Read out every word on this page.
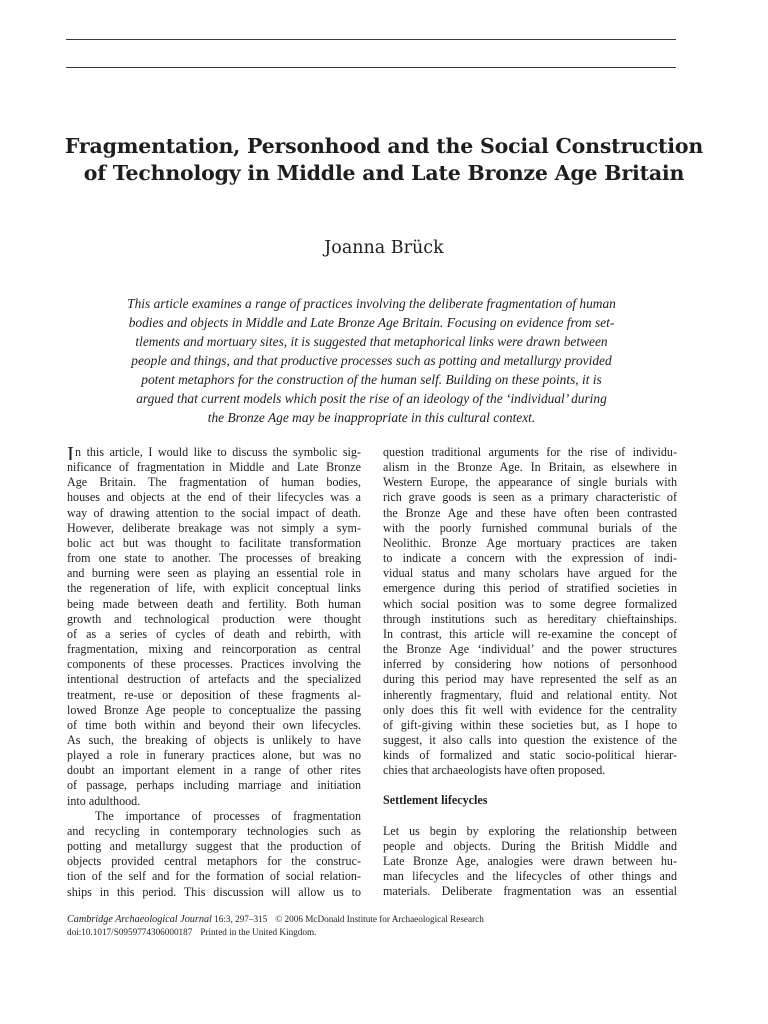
Fragmentation, Personhood and the Social Construction
of Technology in Middle and Late Bronze Age Britain
Joanna Brück
This article examines a range of practices involving the deliberate fragmentation of human
bodies and objects in Middle and Late Bronze Age Britain. Focusing on evidence from set-
tlements and mortuary sites, it is suggested that metaphorical links were drawn between
people and things, and that productive processes such as potting and metallurgy provided
potent metaphors for the construction of the human self. Building on these points, it is
argued that current models which posit the rise of an ideology of the ‘individual’ during
the Bronze Age may be inappropriate in this cultural context.
In this article, I would like to discuss the symbolic sig-
nificance of fragmentation in Middle and Late Bronze
Age Britain. The fragmentation of human bodies,
houses and objects at the end of their lifecycles was a
way of drawing attention to the social impact of death.
However, deliberate breakage was not simply a sym-
bolic act but was thought to facilitate transformation
from one state to another. The processes of breaking
and burning were seen as playing an essential role in
the regeneration of life, with explicit conceptual links
being made between death and fertility. Both human
growth and technological production were thought
of as a series of cycles of death and rebirth, with
fragmentation, mixing and reincorporation as central
components of these processes. Practices involving the
intentional destruction of artefacts and the specialized
treatment, re-use or deposition of these fragments al-
lowed Bronze Age people to conceptualize the passing
of time both within and beyond their own lifecycles.
As such, the breaking of objects is unlikely to have
played a role in funerary practices alone, but was no
doubt an important element in a range of other rites
of passage, perhaps including marriage and initiation
into adulthood.
The importance of processes of fragmentation
and recycling in contemporary technologies such as
potting and metallurgy suggest that the production of
objects provided central metaphors for the construc-
tion of the self and for the formation of social relation-
ships in this period. This discussion will allow us to
question traditional arguments for the rise of individu-
alism in the Bronze Age. In Britain, as elsewhere in
Western Europe, the appearance of single burials with
rich grave goods is seen as a primary characteristic of
the Bronze Age and these have often been contrasted
with the poorly furnished communal burials of the
Neolithic. Bronze Age mortuary practices are taken
to indicate a concern with the expression of indi-
vidual status and many scholars have argued for the
emergence during this period of stratified societies in
which social position was to some degree formalized
through institutions such as hereditary chieftainships.
In contrast, this article will re-examine the concept of
the Bronze Age ‘individual’ and the power structures
inferred by considering how notions of personhood
during this period may have represented the self as an
inherently fragmentary, fluid and relational entity. Not
only does this fit well with evidence for the centrality
of gift-giving within these societies but, as I hope to
suggest, it also calls into question the existence of the
kinds of formalized and static socio-political hierar-
chies that archaeologists have often proposed.
Settlement lifecycles
Let us begin by exploring the relationship between
people and objects. During the British Middle and
Late Bronze Age, analogies were drawn between hu-
man lifecycles and the lifecycles of other things and
materials. Deliberate fragmentation was an essential
Cambridge Archaeological Journal 16:3, 297–315 © 2006 McDonald Institute for Archaeological Research
doi:10.1017/S0959774306000187 Printed in the United Kingdom.
